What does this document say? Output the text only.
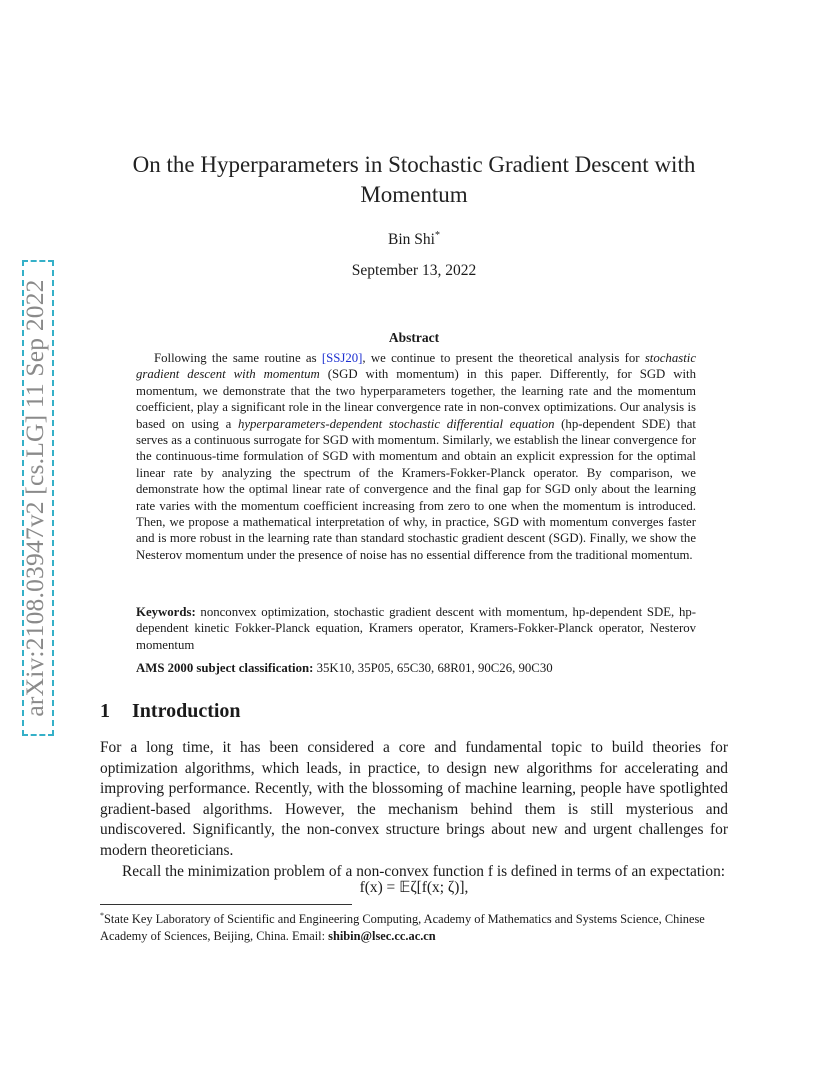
arXiv:2108.03947v2 [cs.LG] 11 Sep 2022
On the Hyperparameters in Stochastic Gradient Descent with Momentum
Bin Shi*
September 13, 2022
Abstract

Following the same routine as [SSJ20], we continue to present the theoretical analysis for stochastic gradient descent with momentum (SGD with momentum) in this paper. Differently, for SGD with momentum, we demonstrate that the two hyperparameters together, the learning rate and the momentum coefficient, play a significant role in the linear convergence rate in non-convex optimizations. Our analysis is based on using a hyperparameters-dependent stochastic differential equation (hp-dependent SDE) that serves as a continuous surrogate for SGD with momentum. Similarly, we establish the linear convergence for the continuous-time formulation of SGD with momentum and obtain an explicit expression for the optimal linear rate by analyzing the spectrum of the Kramers-Fokker-Planck operator. By comparison, we demonstrate how the optimal linear rate of convergence and the final gap for SGD only about the learning rate varies with the momentum coefficient increasing from zero to one when the momentum is introduced. Then, we propose a mathematical interpretation of why, in practice, SGD with momentum converges faster and is more robust in the learning rate than standard stochastic gradient descent (SGD). Finally, we show the Nesterov momentum under the presence of noise has no essential difference from the traditional momentum.

Keywords: nonconvex optimization, stochastic gradient descent with momentum, hp-dependent SDE, hp-dependent kinetic Fokker-Planck equation, Kramers operator, Kramers-Fokker-Planck operator, Nesterov momentum
AMS 2000 subject classification: 35K10, 35P05, 65C30, 68R01, 90C26, 90C30
1 Introduction

For a long time, it has been considered a core and fundamental topic to build theories for optimization algorithms, which leads, in practice, to design new algorithms for accelerating and improving performance. Recently, with the blossoming of machine learning, people have spotlighted gradient-based algorithms. However, the mechanism behind them is still mysterious and undiscovered. Significantly, the non-convex structure brings about new and urgent challenges for modern theoreticians.

Recall the minimization problem of a non-convex function f is defined in terms of an expectation:

f(x) = 𝔼ζ[f(x; ζ)],
*State Key Laboratory of Scientific and Engineering Computing, Academy of Mathematics and Systems Science, Chinese Academy of Sciences, Beijing, China. Email: shibin@lsec.cc.ac.cn
